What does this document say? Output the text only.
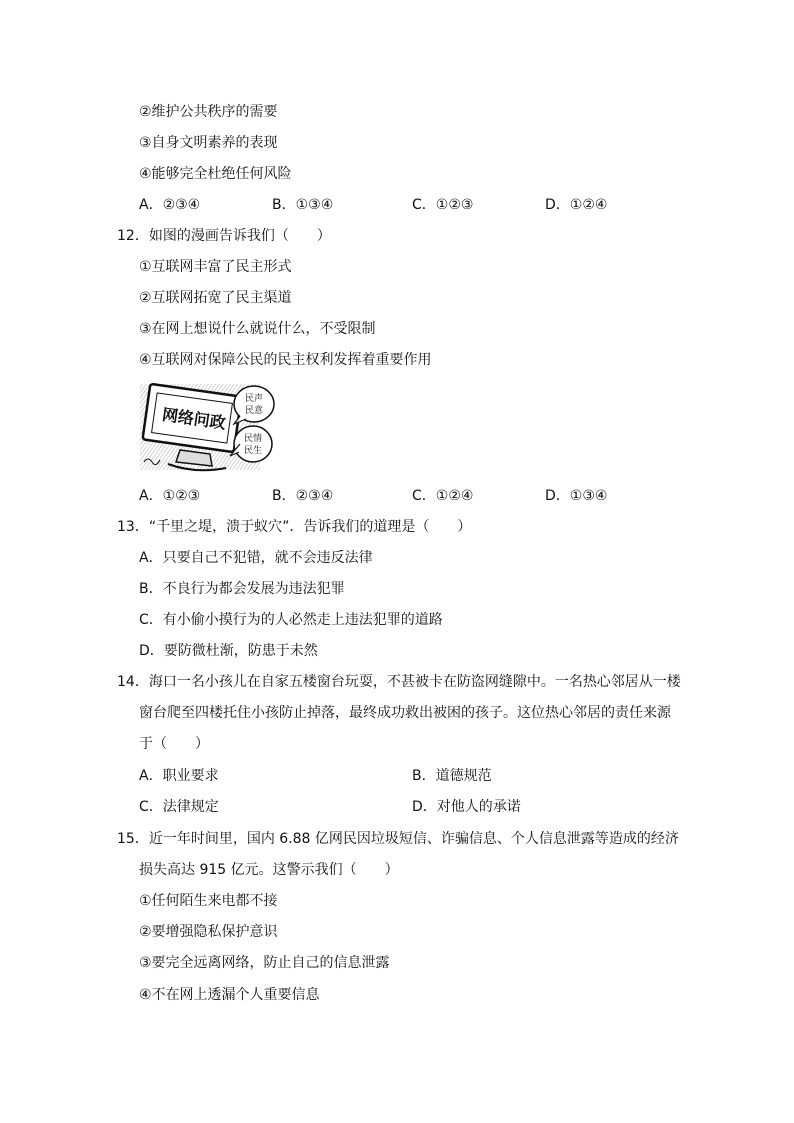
②维护公共秩序的需要
③自身文明素养的表现
④能够完全杜绝任何风险
A．②③④	B．①③④	C．①②③	D．①②④
12．如图的漫画告诉我们（　　）
①互联网丰富了民主形式
②互联网拓宽了民主渠道
③在网上想说什么就说什么，不受限制
④互联网对保障公民的民主权利发挥着重要作用
网络问政
民声
民意
民情
民生
A．①②③	B．②③④	C．①②④	D．①③④
13．“千里之堤，溃于蚁穴”．告诉我们的道理是（　　）
A．只要自己不犯错，就不会违反法律
B．不良行为都会发展为违法犯罪
C．有小偷小摸行为的人必然走上违法犯罪的道路
D．要防微杜渐，防患于未然
14．海口一名小孩儿在自家五楼窗台玩耍，不甚被卡在防盗网缝隙中。一名热心邻居从一楼
窗台爬至四楼托住小孩防止掉落，最终成功救出被困的孩子。这位热心邻居的责任来源
于（　　）
A．职业要求	B．道德规范
C．法律规定	D．对他人的承诺
15．近一年时间里，国内 6.88 亿网民因垃圾短信、诈骗信息、个人信息泄露等造成的经济
损失高达 915 亿元。这警示我们（　　）
①任何陌生来电都不接
②要增强隐私保护意识
③要完全远离网络，防止自己的信息泄露
④不在网上透漏个人重要信息
